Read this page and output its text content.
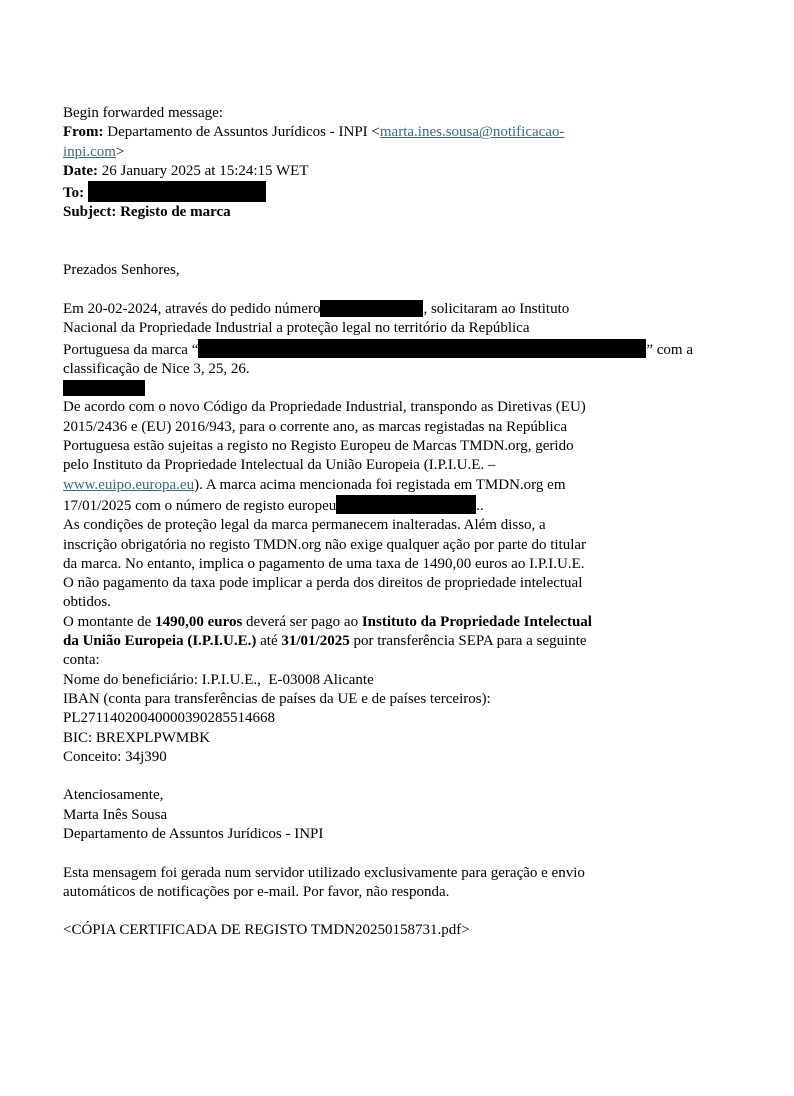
Begin forwarded message:
From: Departamento de Assuntos Jurídicos - INPI <marta.ines.sousa@notificacao-
inpi.com>
Date: 26 January 2025 at 15:24:15 WET
To:
Subject: Registo de marca

Prezados Senhores,

Em 20-02-2024, através do pedido número	, solicitaram ao Instituto
Nacional da Propriedade Industrial a proteção legal no território da República
Portuguesa da marca “	” com a
classificação de Nice 3, 25, 26.
De acordo com o novo Código da Propriedade Industrial, transpondo as Diretivas (EU)
2015/2436 e (EU) 2016/943, para o corrente ano, as marcas registadas na República
Portuguesa estão sujeitas a registo no Registo Europeu de Marcas TMDN.org, gerido
pelo Instituto da Propriedade Intelectual da União Europeia (I.P.I.U.E. –
www.euipo.europa.eu). A marca acima mencionada foi registada em TMDN.org em
17/01/2025 com o número de registo europeu	..
As condições de proteção legal da marca permanecem inalteradas. Além disso, a
inscrição obrigatória no registo TMDN.org não exige qualquer ação por parte do titular
da marca. No entanto, implica o pagamento de uma taxa de 1490,00 euros ao I.P.I.U.E.
O não pagamento da taxa pode implicar a perda dos direitos de propriedade intelectual
obtidos.
O montante de 1490,00 euros deverá ser pago ao Instituto da Propriedade Intelectual
da União Europeia (I.P.I.U.E.) até 31/01/2025 por transferência SEPA para a seguinte
conta:
Nome do beneficiário: I.P.I.U.E.,  E-03008 Alicante
IBAN (conta para transferências de países da UE e de países terceiros):
PL27114020040000390285514668
BIC: BREXPLPWMBK
Conceito: 34j390

Atenciosamente,
Marta Inês Sousa
Departamento de Assuntos Jurídicos - INPI

Esta mensagem foi gerada num servidor utilizado exclusivamente para geração e envio
automáticos de notificações por e-mail. Por favor, não responda.

<CÓPIA CERTIFICADA DE REGISTO TMDN20250158731.pdf>
